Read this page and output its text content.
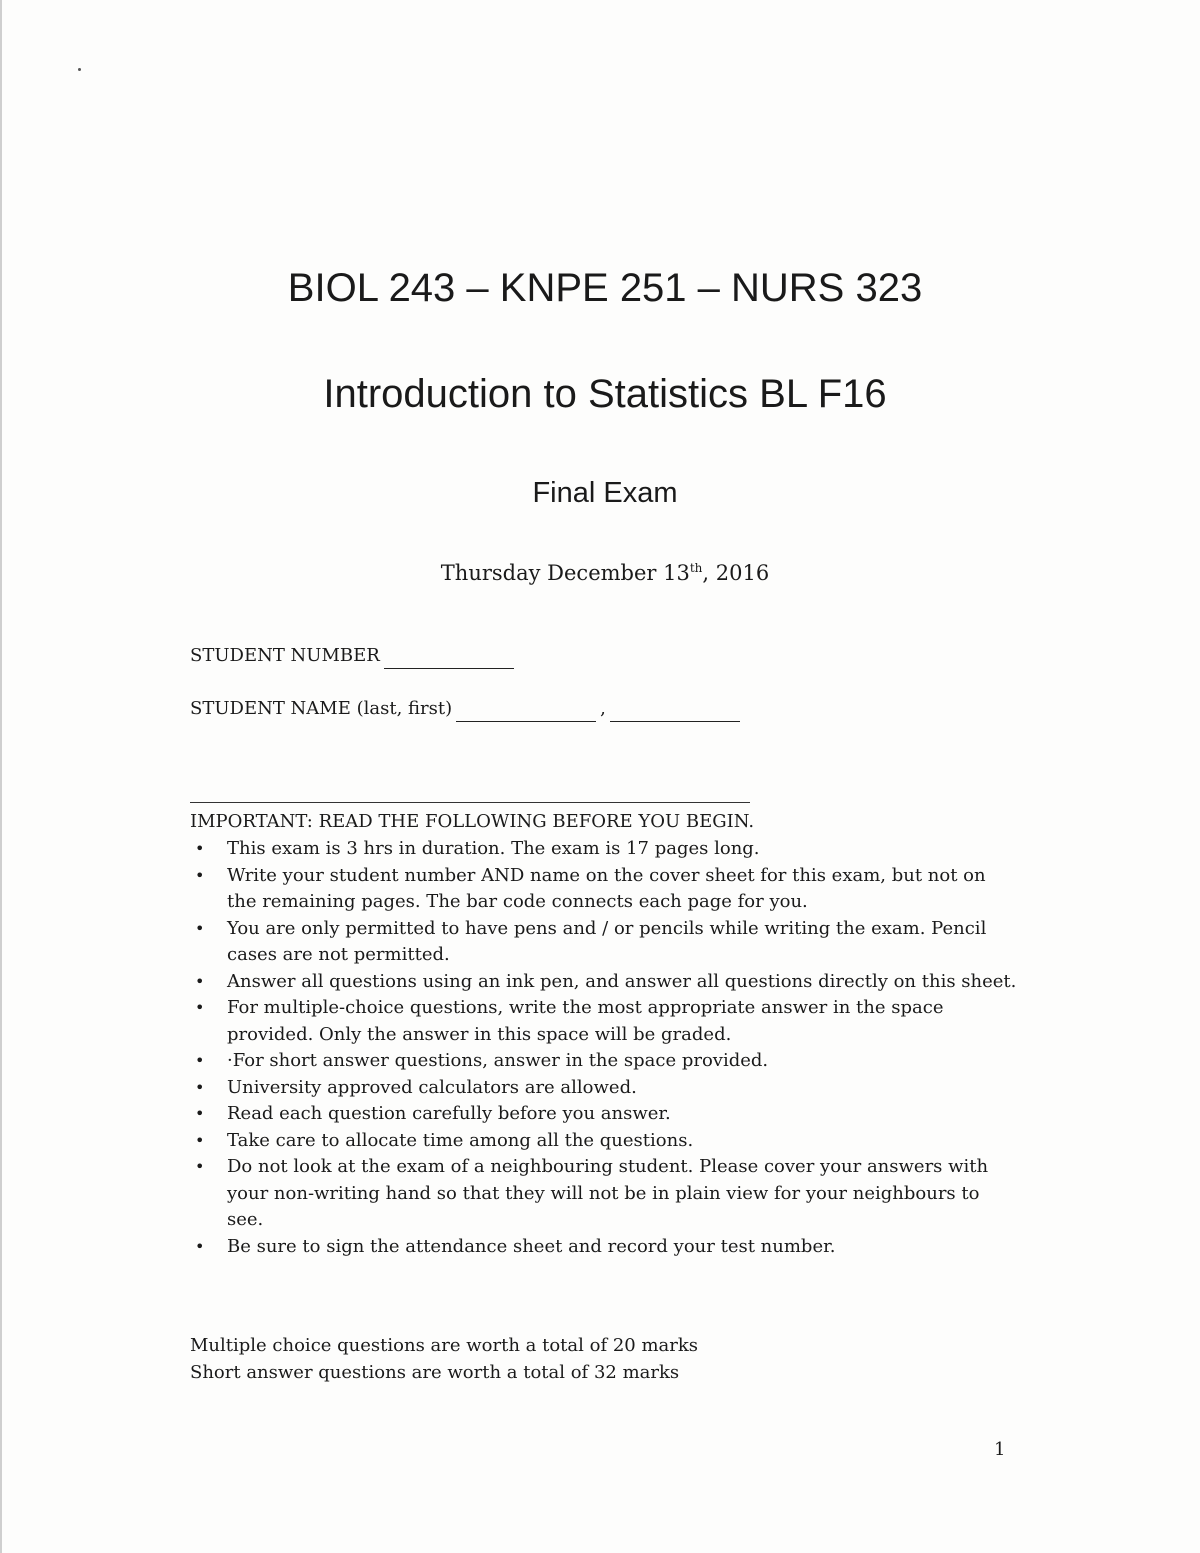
BIOL 243 – KNPE 251 – NURS 323
Introduction to Statistics BL F16
Final Exam
Thursday December 13th, 2016
STUDENT NUMBER
STUDENT NAME (last, first)	,
IMPORTANT: READ THE FOLLOWING BEFORE YOU BEGIN.
• This exam is 3 hrs in duration. The exam is 17 pages long.
• Write your student number AND name on the cover sheet for this exam, but not on the remaining pages. The bar code connects each page for you.
• You are only permitted to have pens and / or pencils while writing the exam. Pencil cases are not permitted.
• Answer all questions using an ink pen, and answer all questions directly on this sheet.
• For multiple-choice questions, write the most appropriate answer in the space provided. Only the answer in this space will be graded.
• ·For short answer questions, answer in the space provided.
• University approved calculators are allowed.
• Read each question carefully before you answer.
• Take care to allocate time among all the questions.
• Do not look at the exam of a neighbouring student. Please cover your answers with your non-writing hand so that they will not be in plain view for your neighbours to see.
• Be sure to sign the attendance sheet and record your test number.
Multiple choice questions are worth a total of 20 marks
Short answer questions are worth a total of 32 marks
1
